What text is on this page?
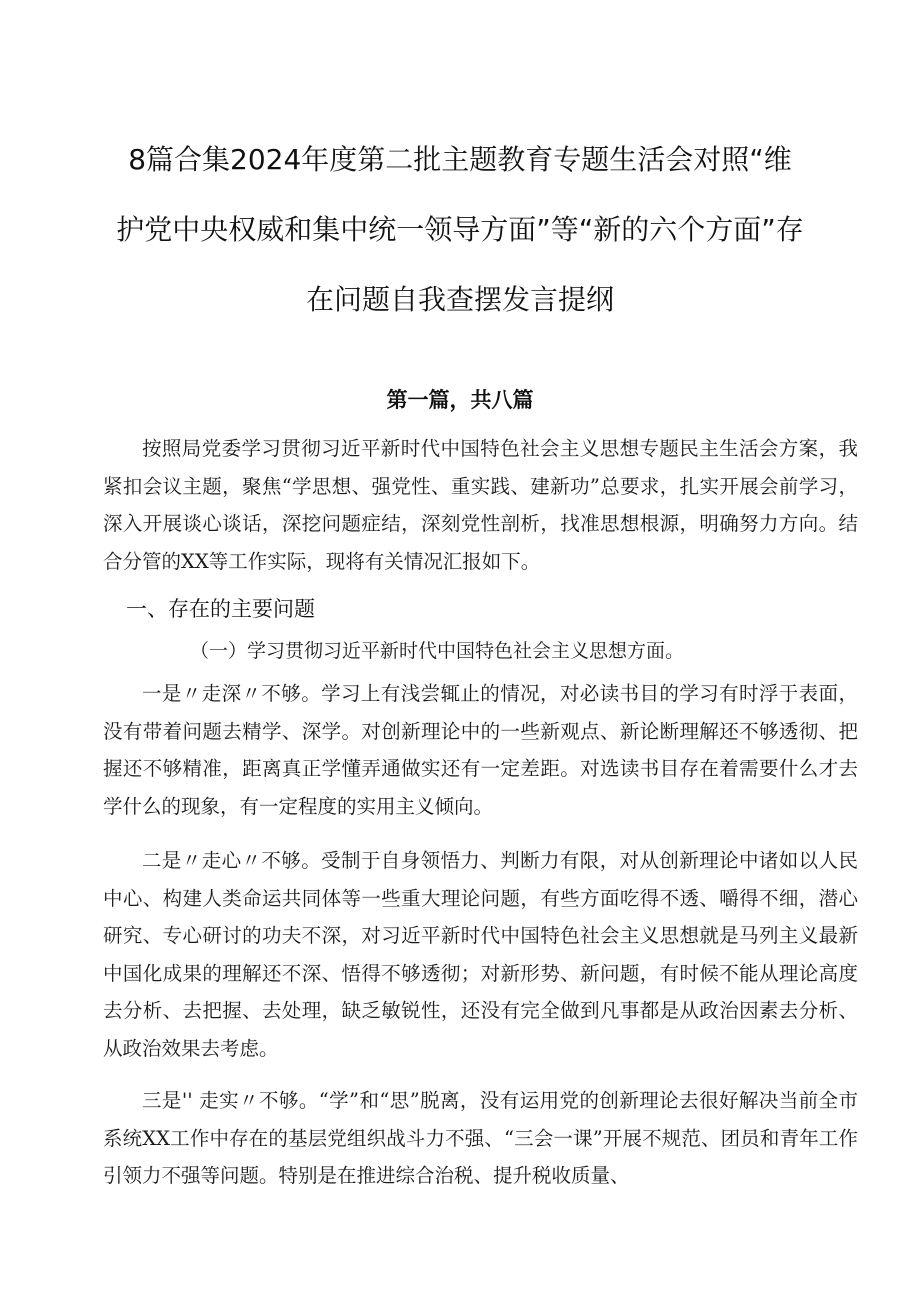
8篇合集2024年度第二批主题教育专题生活会对照“维
护党中央权威和集中统一领导方面”等“新的六个方面”存
在问题自我查摆发言提纲
第一篇，共八篇

按照局党委学习贯彻习近平新时代中国特色社会主义思想专题民主生活会方案，我紧扣会议主题，聚焦“学思想、强党性、重实践、建新功”总要求，扎实开展会前学习，深入开展谈心谈话，深挖问题症结，深刻党性剖析，找准思想根源，明确努力方向。结合分管的XX等工作实际，现将有关情况汇报如下。

一、存在的主要问题
（一）学习贯彻习近平新时代中国特色社会主义思想方面。

一是〃走深〃不够。学习上有浅尝辄止的情况，对必读书目的学习有时浮于表面，没有带着问题去精学、深学。对创新理论中的一些新观点、新论断理解还不够透彻、把握还不够精准，距离真正学懂弄通做实还有一定差距。对选读书目存在着需要什么才去学什么的现象，有一定程度的实用主义倾向。

二是〃走心〃不够。受制于自身领悟力、判断力有限，对从创新理论中诸如以人民中心、构建人类命运共同体等一些重大理论问题，有些方面吃得不透、嚼得不细，潜心研究、专心研讨的功夫不深，对习近平新时代中国特色社会主义思想就是马列主义最新中国化成果的理解还不深、悟得不够透彻；对新形势、新问题，有时候不能从理论高度去分析、去把握、去处理，缺乏敏锐性，还没有完全做到凡事都是从政治因素去分析、从政治效果去考虑。

三是'' 走实〃不够。“学”和“思”脱离，没有运用党的创新理论去很好解决当前全市系统XX工作中存在的基层党组织战斗力不强、“三会一课”开展不规范、团员和青年工作引领力不强等问题。特别是在推进综合治税、提升税收质量、
